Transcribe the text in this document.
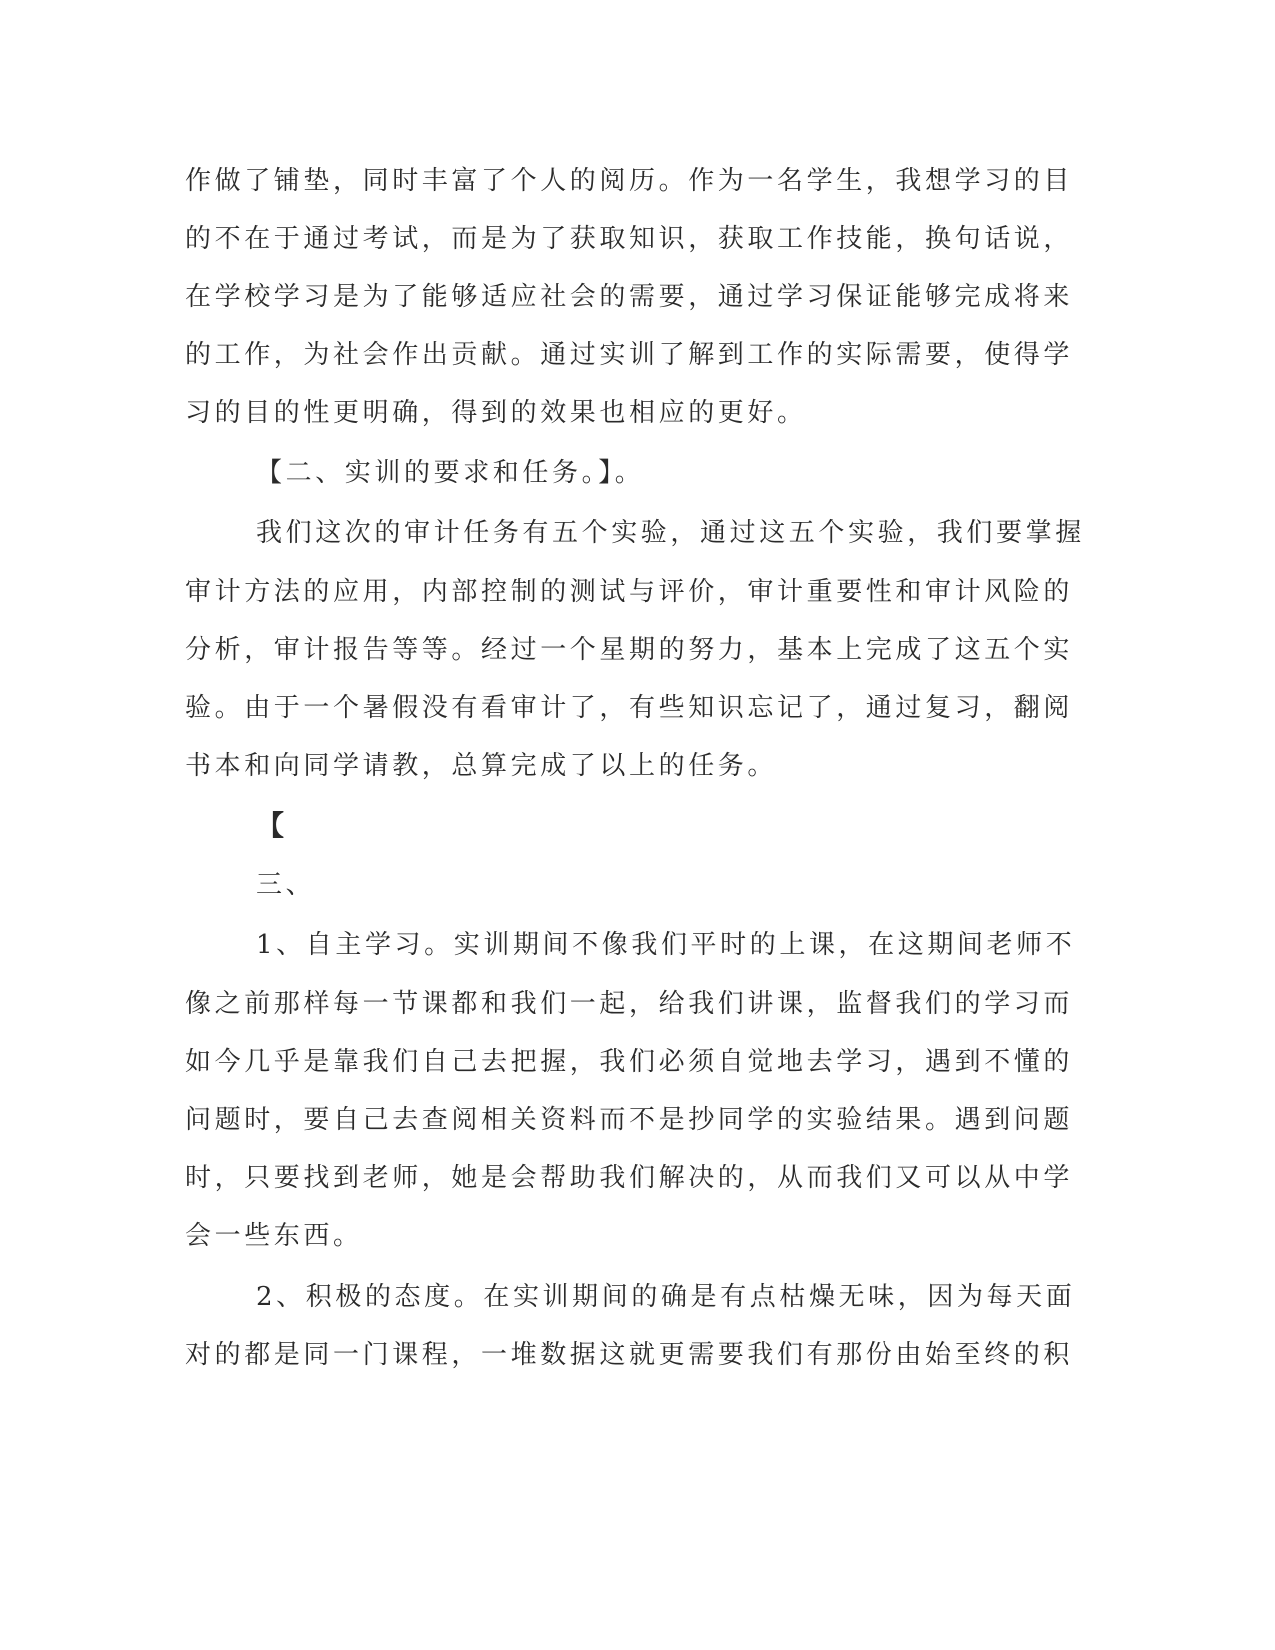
作做了铺垫，同时丰富了个人的阅历。作为一名学生，我想学习的目
的不在于通过考试，而是为了获取知识，获取工作技能，换句话说，
在学校学习是为了能够适应社会的需要，通过学习保证能够完成将来
的工作，为社会作出贡献。通过实训了解到工作的实际需要，使得学
习的目的性更明确，得到的效果也相应的更好。
【二、实训的要求和任务。】。
我们这次的审计任务有五个实验，通过这五个实验，我们要掌握
审计方法的应用，内部控制的测试与评价，审计重要性和审计风险的
分析，审计报告等等。经过一个星期的努力，基本上完成了这五个实
验。由于一个暑假没有看审计了，有些知识忘记了，通过复习，翻阅
书本和向同学请教，总算完成了以上的任务。
【
三、
1、自主学习。实训期间不像我们平时的上课，在这期间老师不
像之前那样每一节课都和我们一起，给我们讲课，监督我们的学习而
如今几乎是靠我们自己去把握，我们必须自觉地去学习，遇到不懂的
问题时，要自己去查阅相关资料而不是抄同学的实验结果。遇到问题
时，只要找到老师，她是会帮助我们解决的，从而我们又可以从中学
会一些东西。
2、积极的态度。在实训期间的确是有点枯燥无味，因为每天面
对的都是同一门课程，一堆数据这就更需要我们有那份由始至终的积
